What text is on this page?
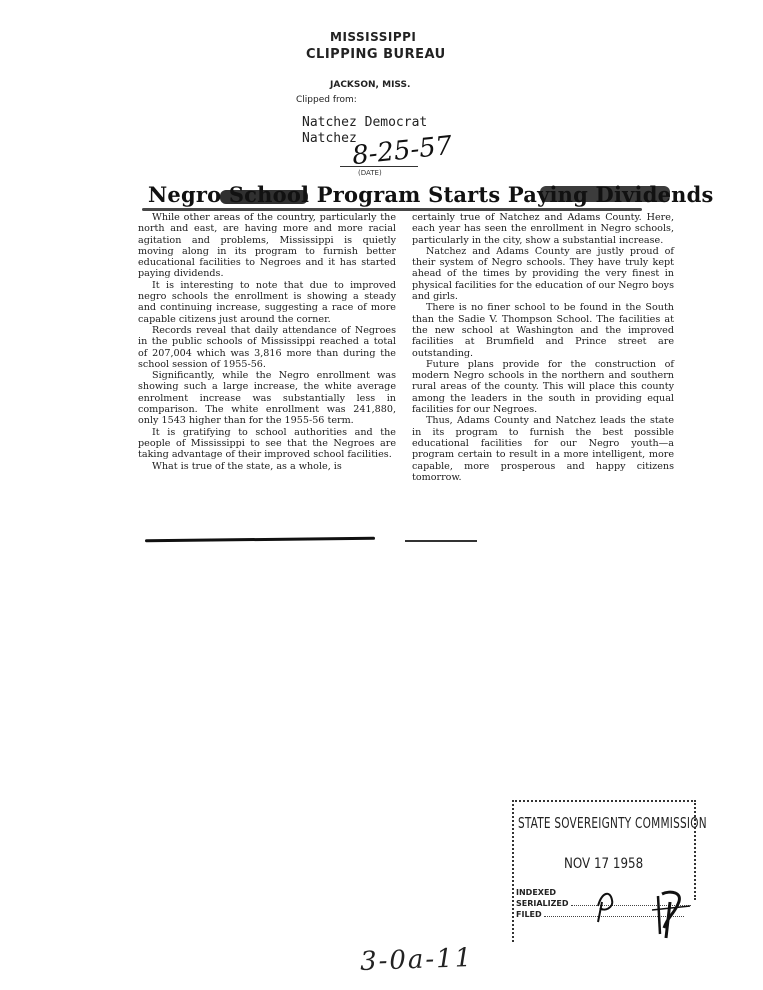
MISSISSIPPI
CLIPPING BUREAU
JACKSON, MISS.
Clipped from:
Natchez Democrat
Natchez
8-25-57
(DATE)
Negro School Program Starts Paying Dividends

While other areas of the country, particularly the north and east, are having more and more racial agitation and problems, Mississippi is quietly moving along in its program to furnish better educational facilities to Negroes and it has started paying dividends.

It is interesting to note that due to improved negro schools the enrollment is showing a steady and continuing increase, suggesting a race of more capable citizens just around the corner.

Records reveal that daily attendance of Negroes in the public schools of Mississippi reached a total of 207,004 which was 3,816 more than during the school session of 1955-56.

Significantly, while the Negro enrollment was showing such a large increase, the white average enrolment increase was substantially less in comparison. The white enrollment was 241,880, only 1543 higher than for the 1955-56 term.

It is gratifying to school authorities and the people of Mississippi to see that the Negroes are taking advantage of their improved school facilities.

What is true of the state, as a whole, is

certainly true of Natchez and Adams County. Here, each year has seen the enrollment in Negro schools, particularly in the city, show a substantial increase.

Natchez and Adams County are justly proud of their system of Negro schools. They have truly kept ahead of the times by providing the very finest in physical facilities for the education of our Negro boys and girls.

There is no finer school to be found in the South than the Sadie V. Thompson School. The facilities at the new school at Washington and the improved facilities at Brumfield and Prince street are outstanding.

Future plans provide for the construction of modern Negro schools in the northern and southern rural areas of the county. This will place this county among the leaders in the south in providing equal facilities for our Negroes.

Thus, Adams County and Natchez leads the state in its program to furnish the best possible educational facilities for our Negro youth—a program certain to result in a more intelligent, more capable, more prosperous and happy citizens tomorrow.

STATE SOVEREIGNTY COMMISSION
NOV 17 1958
INDEXED
SERIALIZED
FILED
3-0a-11
